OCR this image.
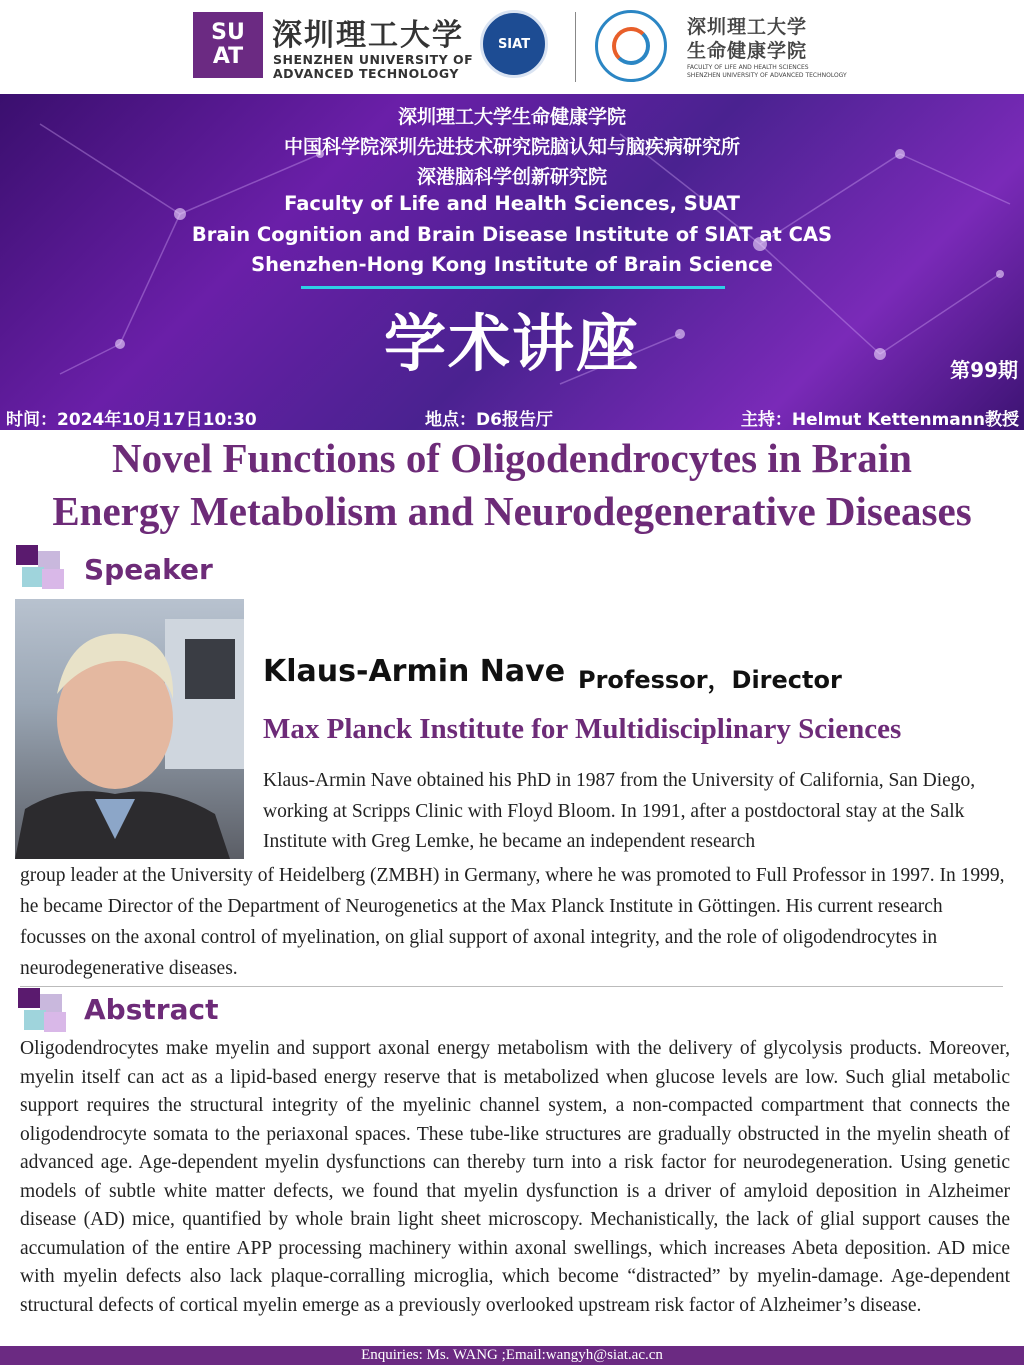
SU
AT
深圳理工大学
SHENZHEN UNIVERSITY OF
ADVANCED TECHNOLOGY
SIAT
深圳理工大学
生命健康学院
FACULTY OF LIFE AND HEALTH SCIENCES
SHENZHEN UNIVERSITY OF ADVANCED TECHNOLOGY
深圳理工大学生命健康学院
中国科学院深圳先进技术研究院脑认知与脑疾病研究所
深港脑科学创新研究院
Faculty of Life and Health Sciences, SUAT
Brain Cognition and Brain Disease Institute of SIAT at CAS
Shenzhen-Hong Kong Institute of Brain Science
学术讲座	第99期
时间：2024年10月17日10:30	地点：D6报告厅	主持：Helmut Kettenmann教授
Novel Functions of Oligodendrocytes in Brain
Energy Metabolism and Neurodegenerative Diseases
Speaker
Klaus-Armin Nave Professor，Director
Max Planck Institute for Multidisciplinary Sciences
Klaus-Armin Nave obtained his PhD in 1987 from the University of California, San Diego, working at Scripps Clinic with Floyd Bloom. In 1991, after a postdoctoral stay at the Salk Institute with Greg Lemke, he became an independent research
group leader at the University of Heidelberg (ZMBH) in Germany, where he was promoted to Full Professor in 1997. In 1999, he became Director of the Department of Neurogenetics at the Max Planck Institute in Göttingen. His current research focusses on the axonal control of myelination, on glial support of axonal integrity, and the role of oligodendrocytes in neurodegenerative diseases.
Abstract
Oligodendrocytes make myelin and support axonal energy metabolism with the delivery of glycolysis products. Moreover, myelin itself can act as a lipid-based energy reserve that is metabolized when glucose levels are low. Such glial metabolic support requires the structural integrity of the myelinic channel system, a non-compacted compartment that connects the oligodendrocyte somata to the periaxonal spaces. These tube-like structures are gradually obstructed in the myelin sheath of advanced age. Age-dependent myelin dysfunctions can thereby turn into a risk factor for neurodegeneration. Using genetic models of subtle white matter defects, we found that myelin dysfunction is a driver of amyloid deposition in Alzheimer disease (AD) mice, quantified by whole brain light sheet microscopy. Mechanistically, the lack of glial support causes the accumulation of the entire APP processing machinery within axonal swellings, which increases Abeta deposition. AD mice with myelin defects also lack plaque-corralling microglia, which become “distracted” by myelin-damage. Age-dependent structural defects of cortical myelin emerge as a previously overlooked upstream risk factor of Alzheimer’s disease.
Enquiries: Ms. WANG ;Email:wangyh@siat.ac.cn
